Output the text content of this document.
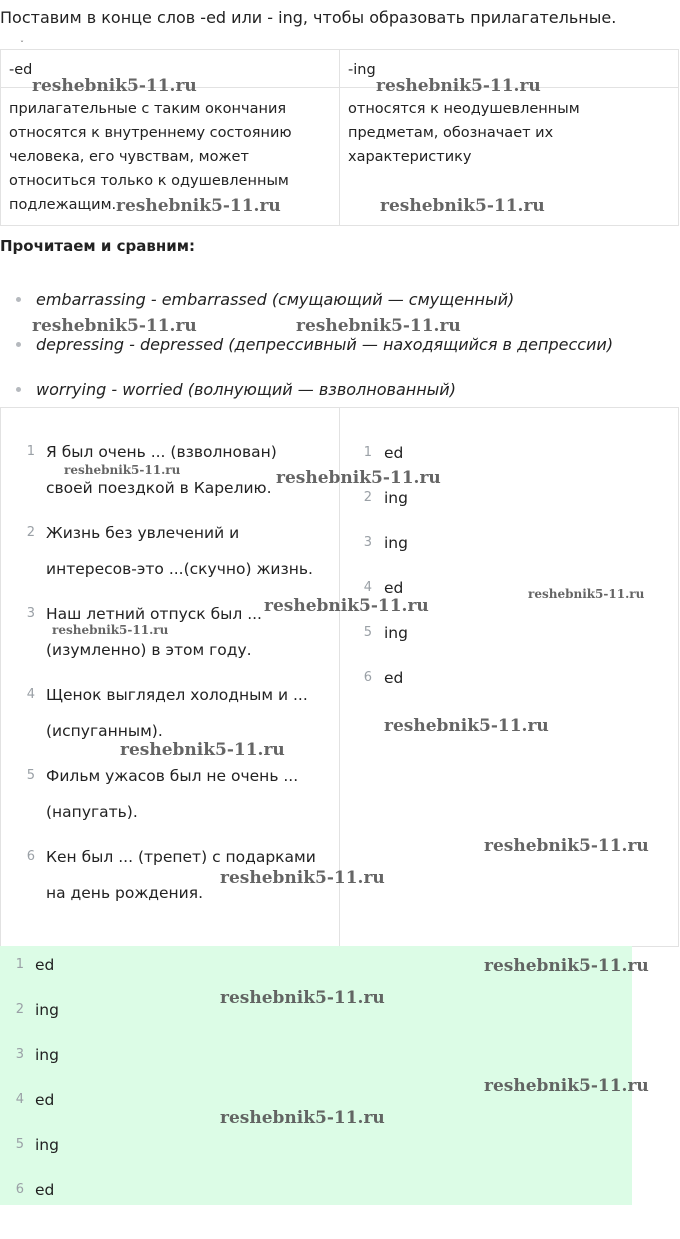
Поставим в конце слов -ed или - ing, чтобы образовать прилагательные.
ˇ
-ed	-ing
прилагательные с таким окончания относятся к внутреннему состоянию человека, его чувствам, может относиться только к одушевленным подлежащим.	относятся к неодушевленным предметам, обозначает их характеристику
Прочитаем и сравним:
embarrassing - embarrassed (смущающий — смущенный)
depressing - depressed (депрессивный — находящийся в депрессии)
worrying - worried (волнующий — взволнованный)
1 Я был очень ... (взволнован) своей поездкой в Карелию.
2 Жизнь без увлечений и интересов-это ...(скучно) жизнь.
3 Наш летний отпуск был ... (изумленно) в этом году.
4 Щенок выглядел холодным и ... (испуганным).
5 Фильм ужасов был не очень ... (напугать).
6 Кен был ... (трепет) с подарками на день рождения.

1 ed
2 ing
3 ing
4 ed
5 ing
6 ed
1 ed
2 ing
3 ing
4 ed
5 ing
6 ed
reshebnik5-11.ru	reshebnik5-11.ru
reshebnik5-11.ru	reshebnik5-11.ru
reshebnik5-11.ru	reshebnik5-11.ru
reshebnik5-11.ru	reshebnik5-11.ru
reshebnik5-11.ru
reshebnik5-11.ru
reshebnik5-11.ru
reshebnik5-11.ru
reshebnik5-11.ru
reshebnik5-11.ru
reshebnik5-11.ru
reshebnik5-11.ru
reshebnik5-11.ru
reshebnik5-11.ru
reshebnik5-11.ru
